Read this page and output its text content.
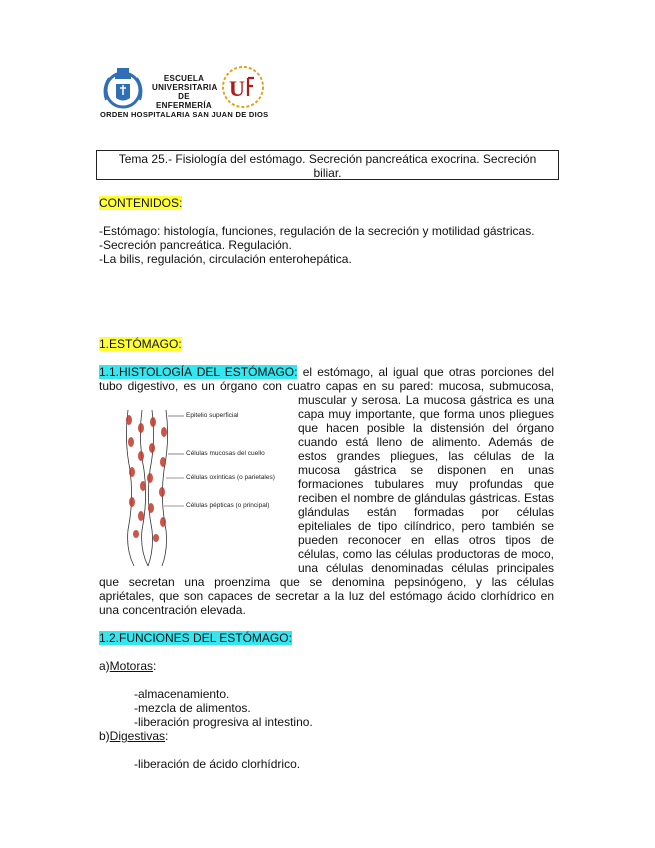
ESCUELA
UNIVERSITARIA
DE ENFERMERÍA
U
ORDEN HOSPITALARIA SAN JUAN DE DIOS
Tema 25.- Fisiología del estómago. Secreción pancreática exocrina. Secreción
biliar.
CONTENIDOS:
-Estómago: histología, funciones, regulación de la secreción y motilidad gástricas.
-Secreción pancreática. Regulación.
-La bilis, regulación, circulación enterohepática.
1.ESTÓMAGO:
1.1.HISTOLOGÍA DEL ESTÓMAGO: el estómago, al igual que otras porciones del
tubo digestivo, es un órgano con cuatro capas en su pared: mucosa, submucosa,
muscular y serosa. La mucosa gástrica es una
capa muy importante, que forma unos pliegues
que hacen posible la distensión del órgano
cuando está lleno de alimento. Además de
estos grandes pliegues, las células de la
mucosa gástrica se disponen en unas
formaciones tubulares muy profundas que
reciben el nombre de glándulas gástricas. Estas
glándulas están formadas por células
epiteliales de tipo cilíndrico, pero también se
pueden reconocer en ellas otros tipos de
células, como las células productoras de moco,
una células denominadas células principales
Epitelio superficial
Células mucosas del cuello
Células oxínticas (o parietales)
Células pépticas (o principal)
que secretan una proenzima que se denomina pepsinógeno, y las células
apriétales, que son capaces de secretar a la luz del estómago ácido clorhídrico en
una concentración elevada.
1.2.FUNCIONES DEL ESTÓMAGO:
a)Motoras:
-almacenamiento.
-mezcla de alimentos.
-liberación progresiva al intestino.
b)Digestivas:
-liberación de ácido clorhídrico.
